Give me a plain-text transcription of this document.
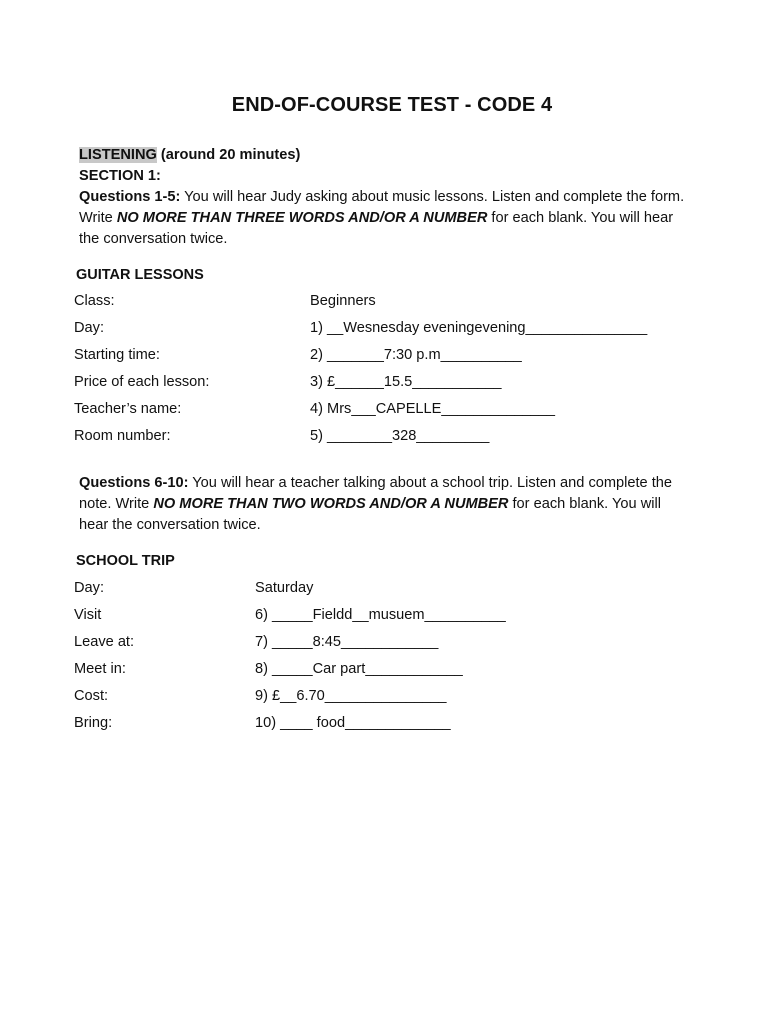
END-OF-COURSE TEST - CODE 4
LISTENING (around 20 minutes)
SECTION 1:
Questions 1-5: You will hear Judy asking about music lessons. Listen and complete the form.
Write NO MORE THAN THREE WORDS AND/OR A NUMBER for each blank. You will hear
the conversation twice.
GUITAR LESSONS
Class:	Beginners
Day:	1) __Wesnesday eveningevening_______________
Starting time:	2) _______7:30 p.m__________
Price of each lesson:	3) £______15.5___________
Teacher’s name:	4) Mrs___CAPELLE______________
Room number:	5) ________328_________
Questions 6-10: You will hear a teacher talking about a school trip. Listen and complete the
note. Write NO MORE THAN TWO WORDS AND/OR A NUMBER for each blank. You will
hear the conversation twice.
SCHOOL TRIP
Day:	Saturday
Visit	6) _____Fieldd__musuem__________
Leave at:	7) _____8:45____________
Meet in:	8) _____Car part____________
Cost:	9) £__6.70_______________
Bring:	10) ____ food_____________
